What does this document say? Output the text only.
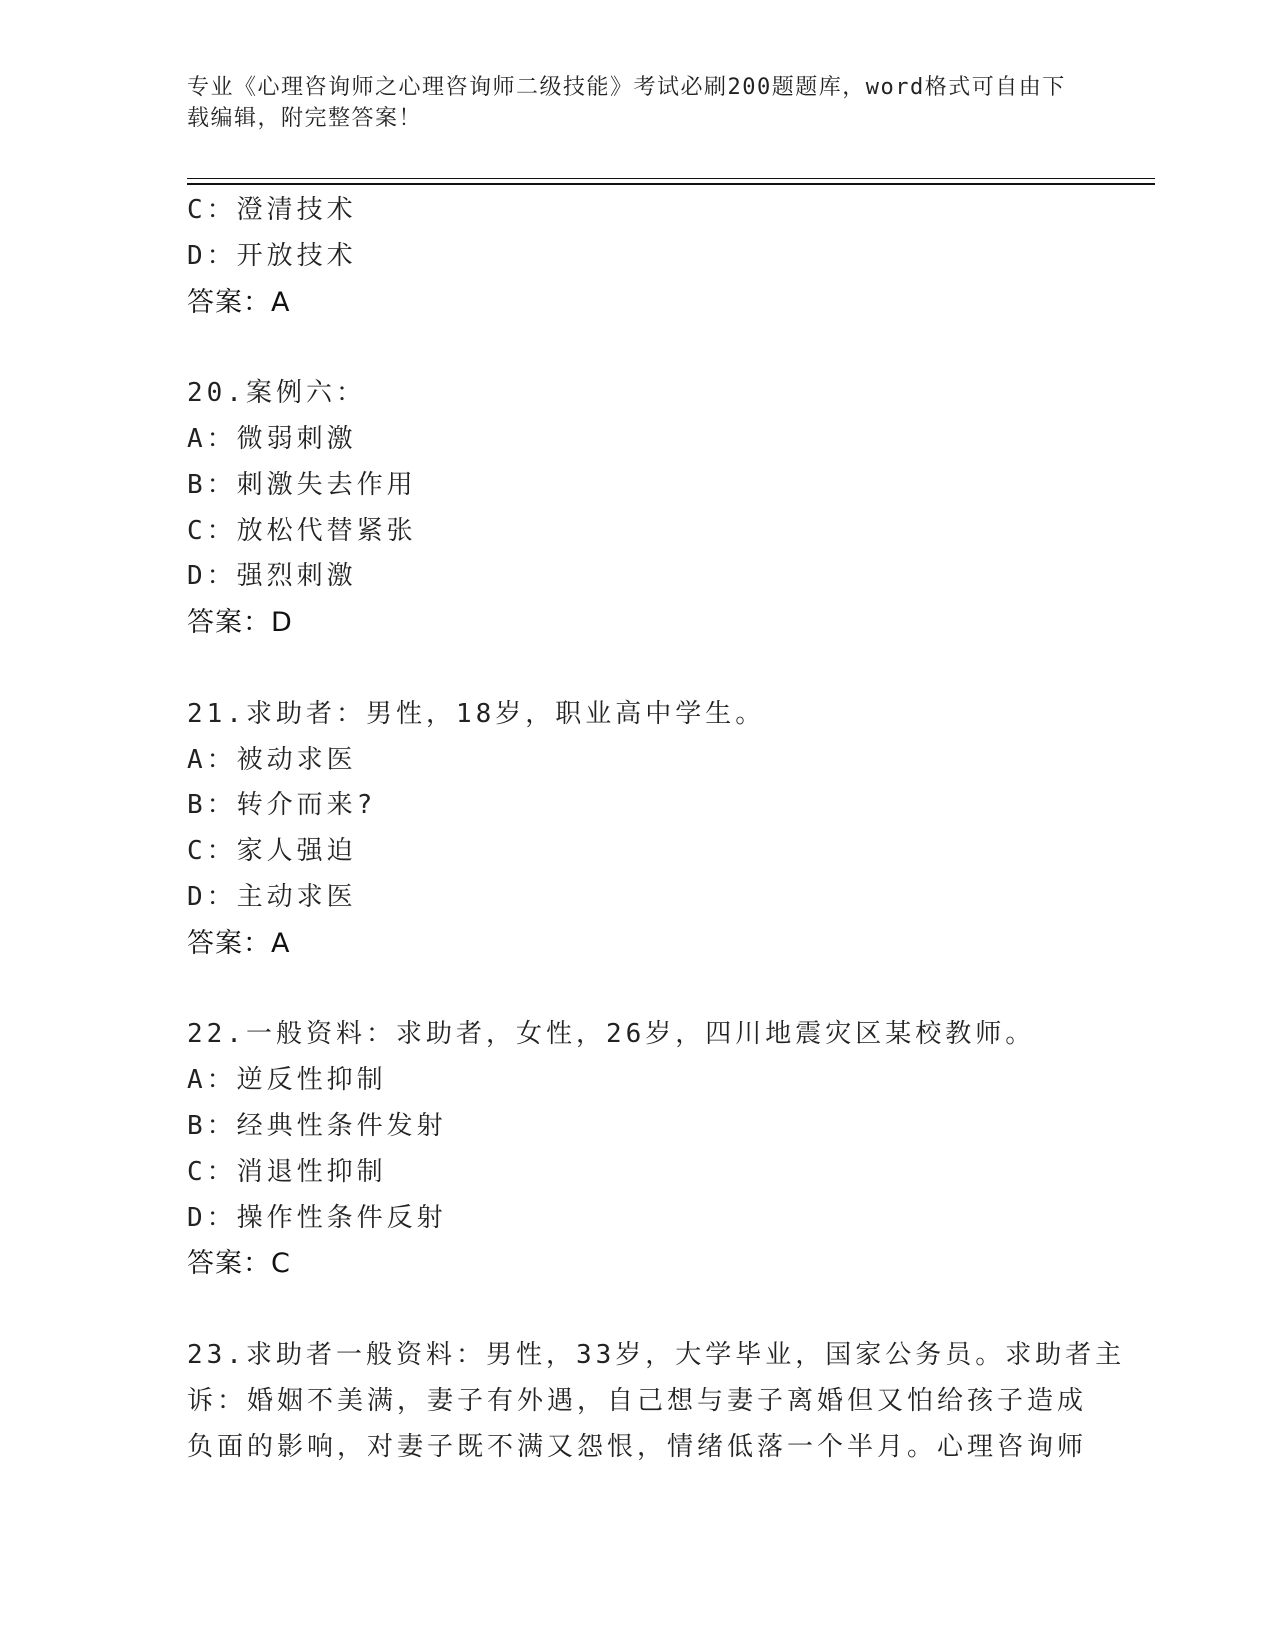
专业《心理咨询师之心理咨询师二级技能》考试必刷200题题库，word格式可自由下载编辑，附完整答案！
C：澄清技术
D：开放技术
答案：A
20.案例六：
A：微弱刺激
B：刺激失去作用
C：放松代替紧张
D：强烈刺激
答案：D
21.求助者：男性，18岁，职业高中学生。
A：被动求医
B：转介而来?
C：家人强迫
D：主动求医
答案：A
22.一般资料：求助者，女性，26岁，四川地震灾区某校教师。
A：逆反性抑制
B：经典性条件发射
C：消退性抑制
D：操作性条件反射
答案：C
23.求助者一般资料：男性，33岁，大学毕业，国家公务员。求助者主
诉：婚姻不美满，妻子有外遇，自己想与妻子离婚但又怕给孩子造成
负面的影响，对妻子既不满又怨恨，情绪低落一个半月。心理咨询师
